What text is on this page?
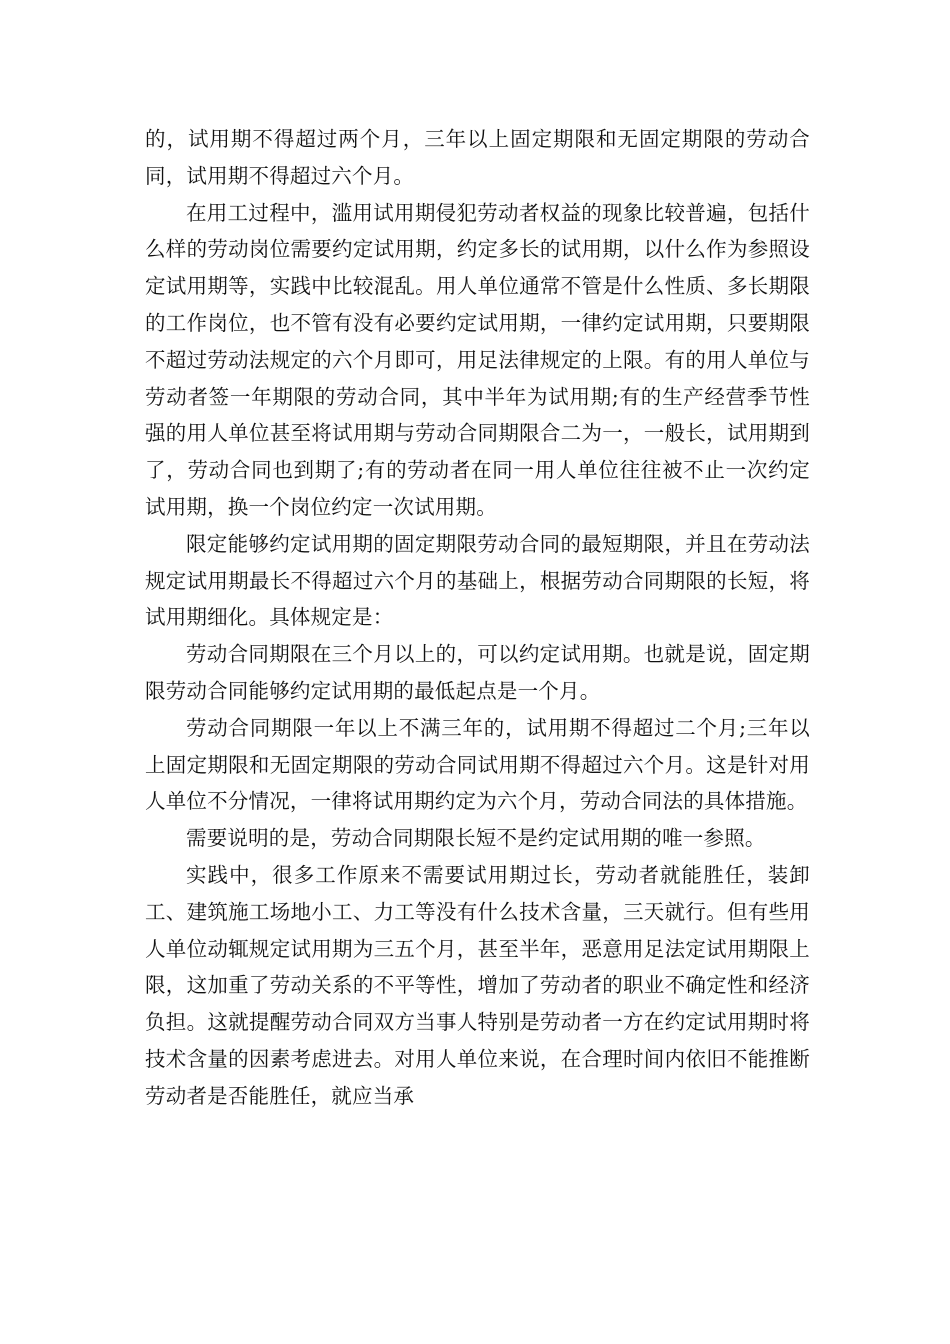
的，试用期不得超过两个月，三年以上固定期限和无固定期限的劳动合同，试用期不得超过六个月。

在用工过程中，滥用试用期侵犯劳动者权益的现象比较普遍，包括什么样的劳动岗位需要约定试用期，约定多长的试用期，以什么作为参照设定试用期等，实践中比较混乱。用人单位通常不管是什么性质、多长期限的工作岗位，也不管有没有必要约定试用期，一律约定试用期，只要期限不超过劳动法规定的六个月即可，用足法律规定的上限。有的用人单位与劳动者签一年期限的劳动合同，其中半年为试用期;有的生产经营季节性强的用人单位甚至将试用期与劳动合同期限合二为一，一般长，试用期到了，劳动合同也到期了;有的劳动者在同一用人单位往往被不止一次约定试用期，换一个岗位约定一次试用期。

限定能够约定试用期的固定期限劳动合同的最短期限，并且在劳动法规定试用期最长不得超过六个月的基础上，根据劳动合同期限的长短，将试用期细化。具体规定是：

劳动合同期限在三个月以上的，可以约定试用期。也就是说，固定期限劳动合同能够约定试用期的最低起点是一个月。

劳动合同期限一年以上不满三年的，试用期不得超过二个月;三年以上固定期限和无固定期限的劳动合同试用期不得超过六个月。这是针对用人单位不分情况，一律将试用期约定为六个月，劳动合同法的具体措施。

需要说明的是，劳动合同期限长短不是约定试用期的唯一参照。

实践中，很多工作原来不需要试用期过长，劳动者就能胜任，装卸工、建筑施工场地小工、力工等没有什么技术含量，三天就行。但有些用人单位动辄规定试用期为三五个月，甚至半年，恶意用足法定试用期限上限，这加重了劳动关系的不平等性，增加了劳动者的职业不确定性和经济负担。这就提醒劳动合同双方当事人特别是劳动者一方在约定试用期时将技术含量的因素考虑进去。对用人单位来说，在合理时间内依旧不能推断劳动者是否能胜任，就应当承
